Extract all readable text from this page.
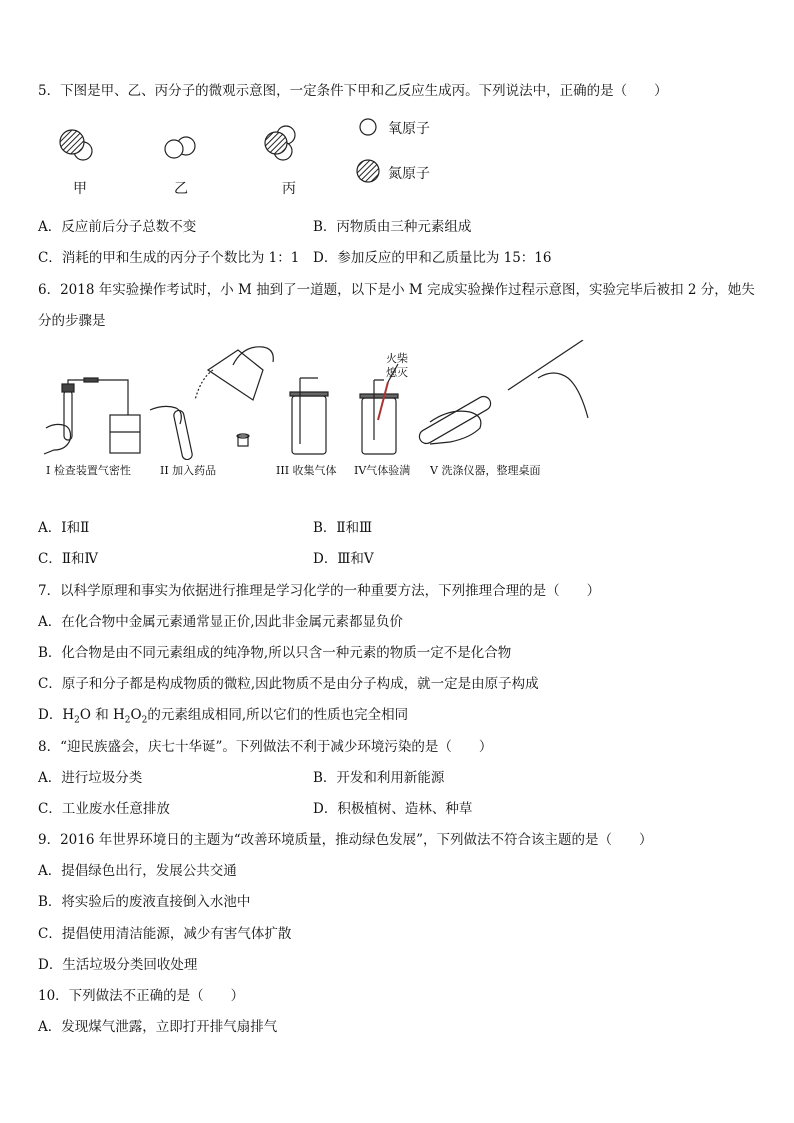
5．下图是甲、乙、丙分子的微观示意图，一定条件下甲和乙反应生成丙。下列说法中，正确的是（　　）
甲	乙	丙
氧原子
氮原子
A．反应前后分子总数不变	B．丙物质由三种元素组成
C．消耗的甲和生成的丙分子个数比为 1：1 D．参加反应的甲和乙质量比为 15：16
6．2018 年实验操作考试时，小 M 抽到了一道题，以下是小 M 完成实验操作过程示意图，实验完毕后被扣 2 分，她失
分的步骤是
火柴
熄灭
I 检查装置气密性	II 加入药品	III 收集气体 IV气体验满 V 洗涤仪器，整理桌面
A．Ⅰ和Ⅱ	B．Ⅱ和Ⅲ
C．Ⅱ和Ⅳ	D．Ⅲ和Ⅴ
7．以科学原理和事实为依据进行推理是学习化学的一种重要方法，下列推理合理的是（　　）
A．在化合物中金属元素通常显正价,因此非金属元素都显负价
B．化合物是由不同元素组成的纯净物,所以只含一种元素的物质一定不是化合物
C．原子和分子都是构成物质的微粒,因此物质不是由分子构成，就一定是由原子构成
D．$H_2O$ 和 $H_2O_2$的元素组成相同,所以它们的性质也完全相同
8．“迎民族盛会，庆七十华诞”。下列做法不利于减少环境污染的是（　　）
A．进行垃圾分类	B．开发和利用新能源
C．工业废水任意排放	D．积极植树、造林、种草
9．2016 年世界环境日的主题为“改善环境质量，推动绿色发展”，下列做法不符合该主题的是（　　）
A．提倡绿色出行，发展公共交通
B．将实验后的废液直接倒入水池中
C．提倡使用清洁能源，减少有害气体扩散
D．生活垃圾分类回收处理
10．下列做法不正确的是（　　）
A．发现煤气泄露，立即打开排气扇排气
